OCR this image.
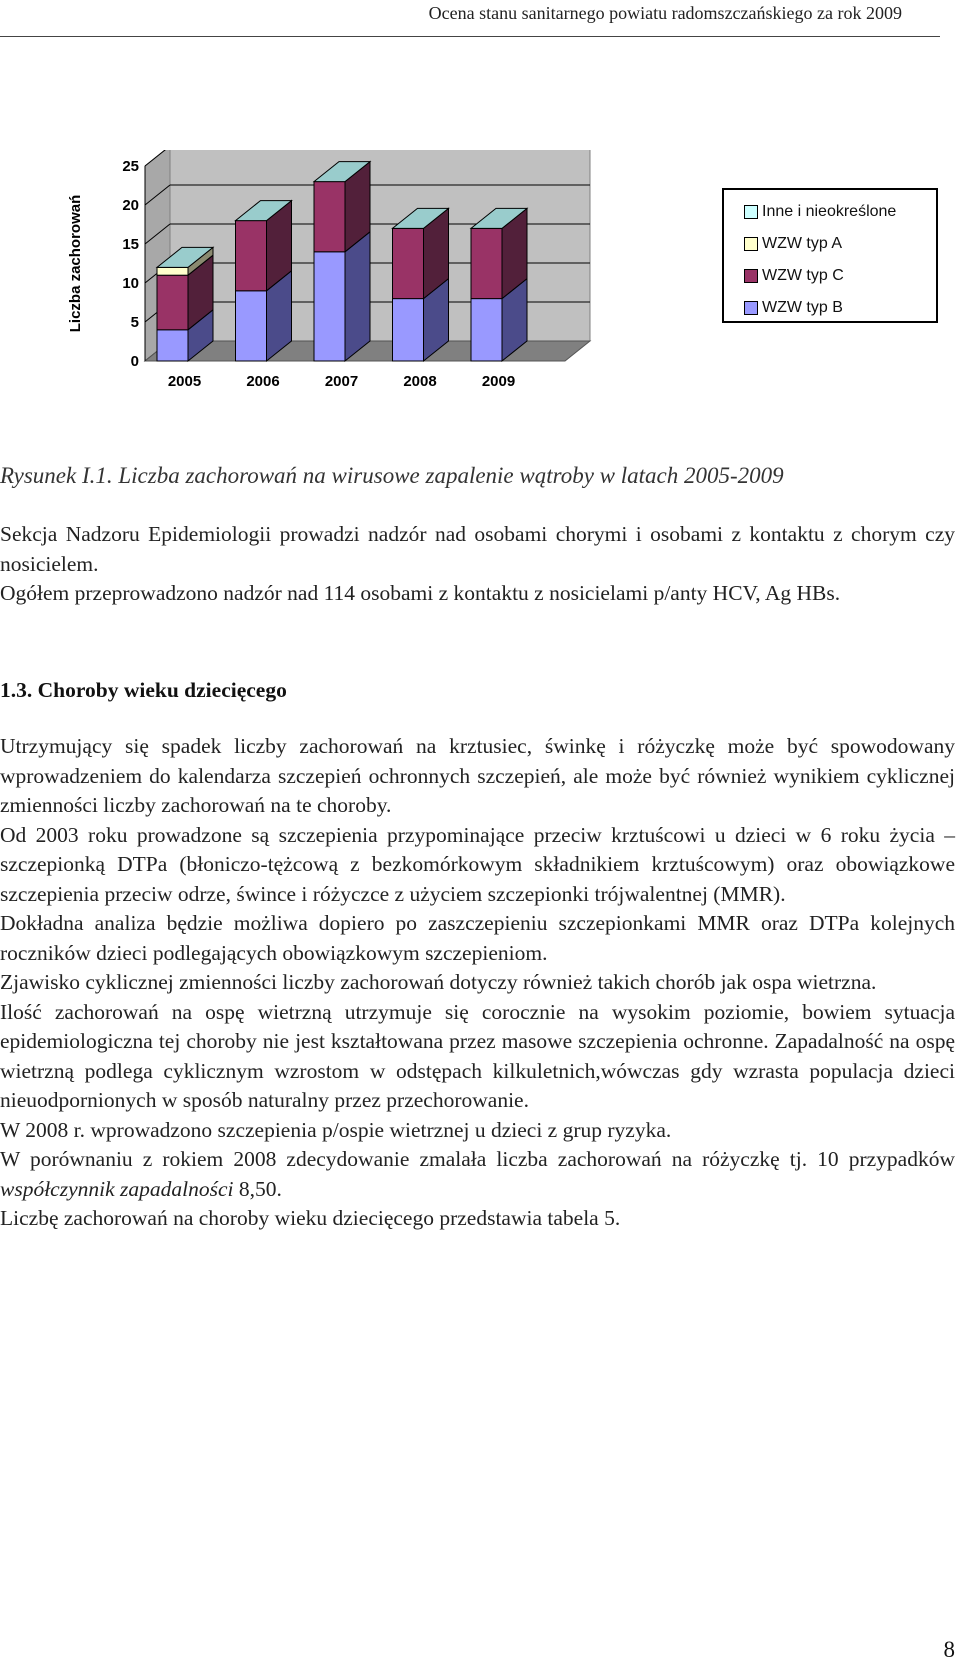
Ocena stanu sanitarnego powiatu radomszczańskiego za rok 2009
0
5
10
15
20
25
Liczba zachorowań
2005	2006	2007	2008	2009
Inne i nieokreślone
WZW typ A
WZW typ C
WZW typ B
Rysunek I.1. Liczba zachorowań na wirusowe zapalenie wątroby w latach 2005-2009

Sekcja Nadzoru Epidemiologii prowadzi nadzór nad osobami chorymi i osobami z kontaktu z chorym czy nosicielem.

Ogółem przeprowadzono nadzór nad 114 osobami z kontaktu z nosicielami p/anty HCV, Ag HBs.

1.3. Choroby wieku dziecięcego

Utrzymujący się spadek liczby zachorowań na krztusiec, świnkę i różyczkę może być spowodowany wprowadzeniem do kalendarza szczepień ochronnych szczepień, ale może być również wynikiem cyklicznej zmienności liczby zachorowań na te choroby.

Od 2003 roku prowadzone są szczepienia przypominające przeciw krztuścowi u dzieci w 6 roku życia – szczepionką DTPa (błoniczo-tężcową z bezkomórkowym składnikiem krztuścowym) oraz obowiązkowe szczepienia przeciw odrze, śwince i różyczce z użyciem szczepionki trójwalentnej (MMR).

Dokładna analiza będzie możliwa dopiero po zaszczepieniu szczepionkami MMR oraz DTPa kolejnych roczników dzieci podlegających obowiązkowym szczepieniom.

Zjawisko cyklicznej zmienności liczby zachorowań dotyczy również takich chorób jak ospa wietrzna.

Ilość zachorowań na ospę wietrzną utrzymuje się corocznie na wysokim poziomie, bowiem sytuacja epidemiologiczna tej choroby nie jest kształtowana przez masowe szczepienia ochronne. Zapadalność na ospę wietrzną podlega cyklicznym wzrostom w odstępach kilkuletnich,wówczas gdy wzrasta populacja dzieci nieuodpornionych w sposób naturalny przez przechorowanie.

W 2008 r. wprowadzono szczepienia p/ospie wietrznej u dzieci z grup ryzyka.

W porównaniu z rokiem 2008 zdecydowanie zmalała liczba zachorowań na różyczkę tj. 10 przypadków współczynnik zapadalności 8,50.

Liczbę zachorowań na choroby wieku dziecięcego przedstawia tabela 5.

8
